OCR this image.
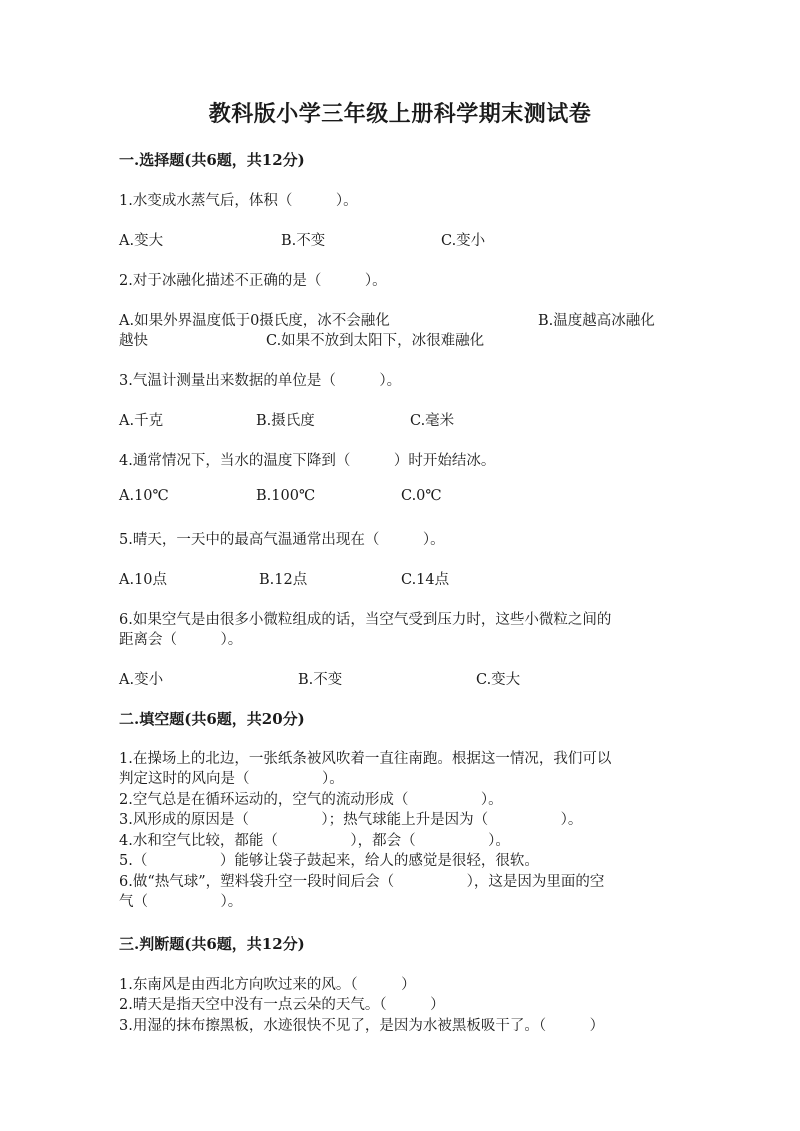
教科版小学三年级上册科学期末测试卷
一.选择题(共6题，共12分)
1.水变成水蒸气后，体积（　　　）。
A.变大	B.不变	C.变小
2.对于冰融化描述不正确的是（　　　）。
A.如果外界温度低于0摄氏度，冰不会融化	B.温度越高冰融化
越快	C.如果不放到太阳下，冰很难融化
3.气温计测量出来数据的单位是（　　　）。
A.千克	B.摄氏度	C.毫米
4.通常情况下，当水的温度下降到（　　　）时开始结冰。
A.10℃	B.100℃	C.0℃
5.晴天，一天中的最高气温通常出现在（　　　）。
A.10点	B.12点	C.14点
6.如果空气是由很多小微粒组成的话，当空气受到压力时，这些小微粒之间的
距离会（　　　）。
A.变小	B.不变	C.变大
二.填空题(共6题，共20分)
1.在操场上的北边，一张纸条被风吹着一直往南跑。根据这一情况，我们可以
判定这时的风向是（　　　　　）。
2.空气总是在循环运动的，空气的流动形成（　　　　　）。
3.风形成的原因是（　　　　　）；热气球能上升是因为（　　　　　）。
4.水和空气比较，都能（　　　　　），都会（　　　　　）。
5.（　　　　　）能够让袋子鼓起来，给人的感觉是很轻，很软。
6.做“热气球”，塑料袋升空一段时间后会（　　　　　），这是因为里面的空
气（　　　　　）。
三.判断题(共6题，共12分)
1.东南风是由西北方向吹过来的风。（　　　）
2.晴天是指天空中没有一点云朵的天气。（　　　）
3.用湿的抹布擦黑板，水迹很快不见了，是因为水被黑板吸干了。（　　　）
